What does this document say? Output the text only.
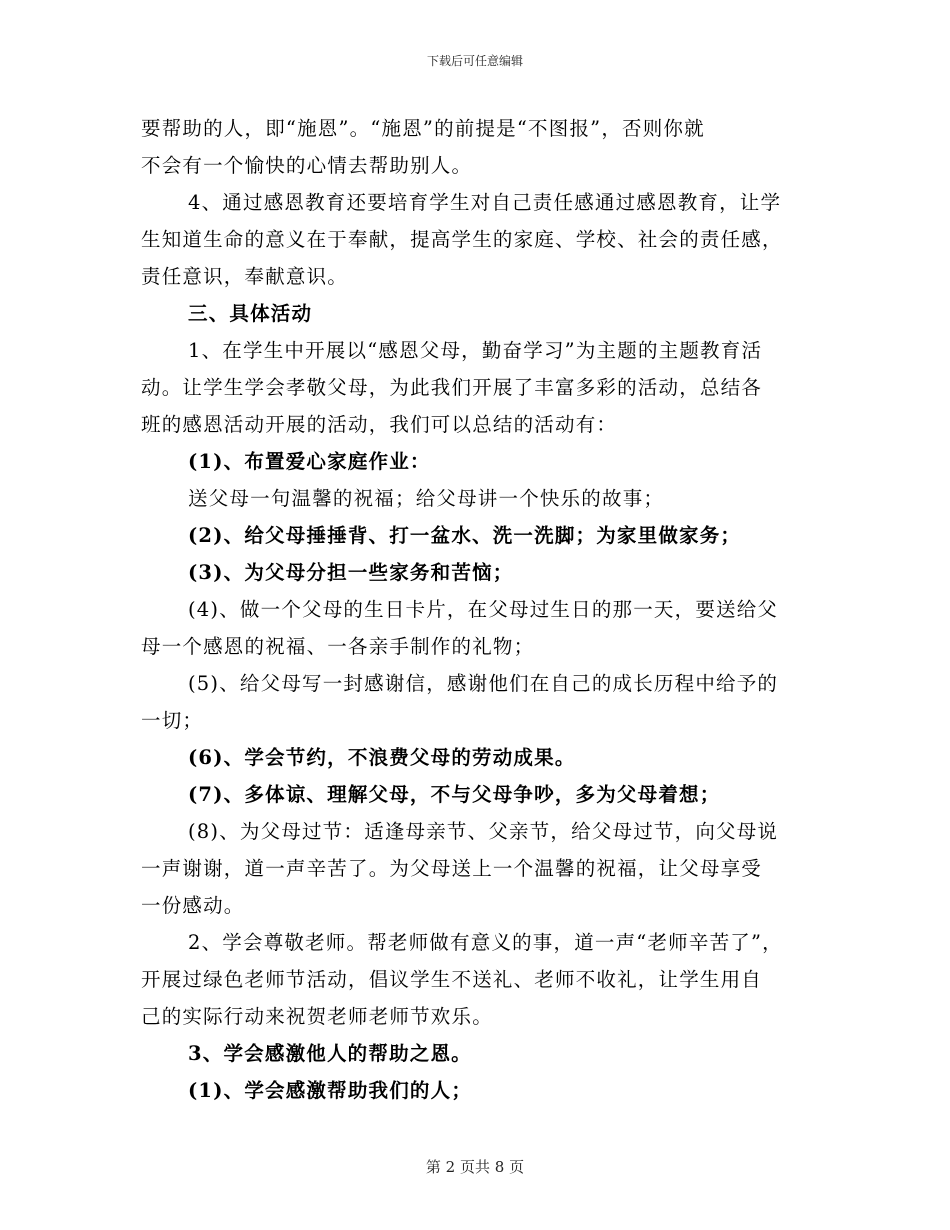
下载后可任意编辑

要帮助的人，即“施恩”。“施恩”的前提是“不图报”，否则你就

不会有一个愉快的心情去帮助别人。

4、通过感恩教育还要培育学生对自己责任感通过感恩教育，让学

生知道生命的意义在于奉献，提高学生的家庭、学校、社会的责任感，

责任意识，奉献意识。

三、具体活动

1、在学生中开展以“感恩父母，勤奋学习”为主题的主题教育活

动。让学生学会孝敬父母，为此我们开展了丰富多彩的活动，总结各

班的感恩活动开展的活动，我们可以总结的活动有：

(1)、布置爱心家庭作业：

送父母一句温馨的祝福；给父母讲一个快乐的故事；

(2)、给父母捶捶背、打一盆水、洗一洗脚；为家里做家务；

(3)、为父母分担一些家务和苦恼；

(4)、做一个父母的生日卡片，在父母过生日的那一天，要送给父

母一个感恩的祝福、一各亲手制作的礼物；

(5)、给父母写一封感谢信，感谢他们在自己的成长历程中给予的

一切；

(6)、学会节约，不浪费父母的劳动成果。

(7)、多体谅、理解父母，不与父母争吵，多为父母着想；

(8)、为父母过节：适逢母亲节、父亲节，给父母过节，向父母说

一声谢谢，道一声辛苦了。为父母送上一个温馨的祝福，让父母享受

一份感动。

2、学会尊敬老师。帮老师做有意义的事，道一声“老师辛苦了”，

开展过绿色老师节活动，倡议学生不送礼、老师不收礼，让学生用自

己的实际行动来祝贺老师老师节欢乐。

3、学会感激他人的帮助之恩。

(1)、学会感激帮助我们的人；

第 2 页共 8 页
